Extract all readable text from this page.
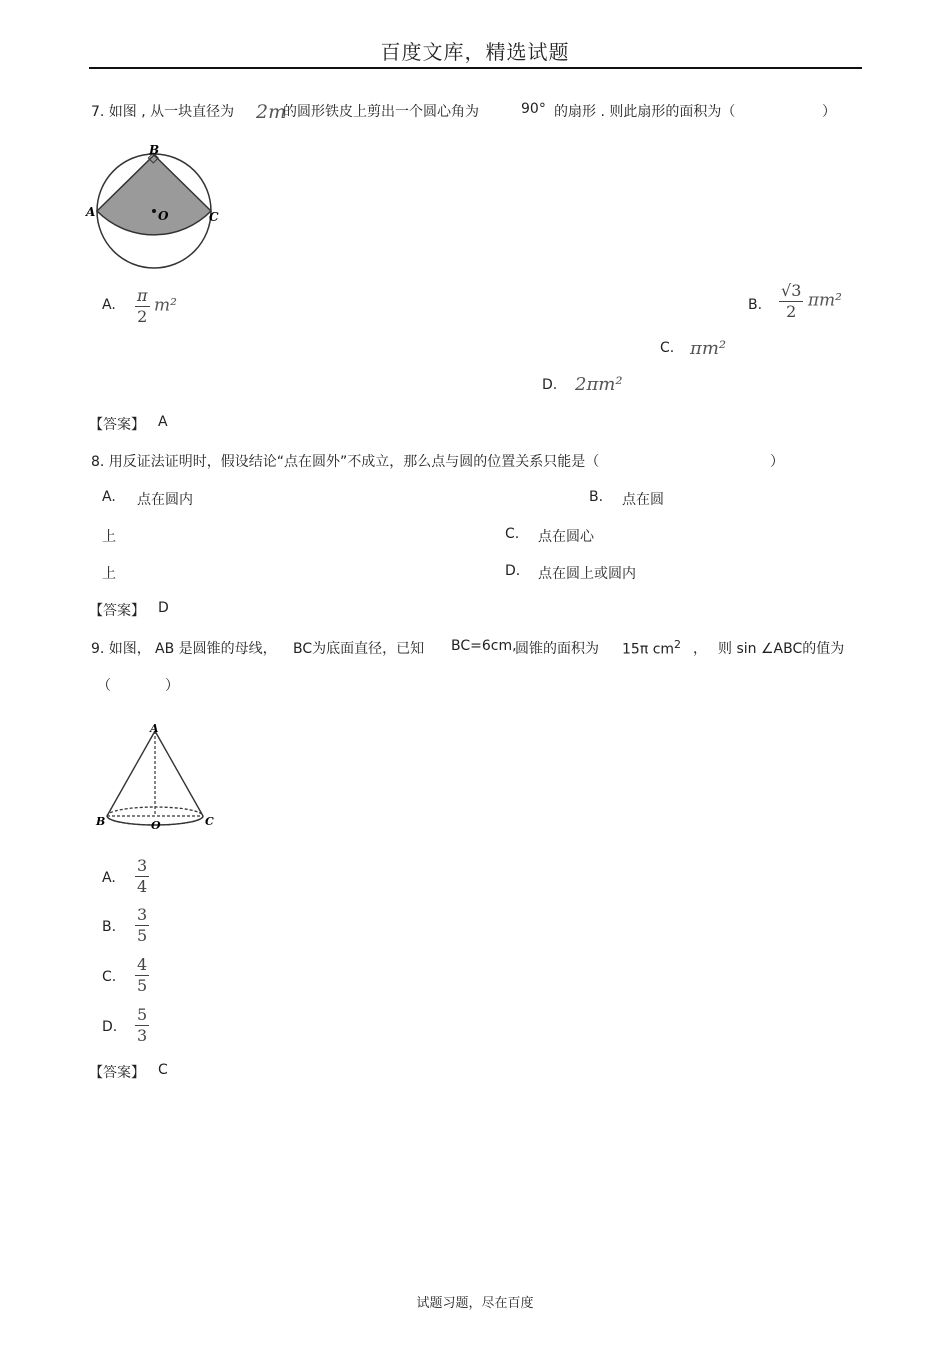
百度文库，精选试题
7. 如图 , 从一块直径为 2m
的圆形铁皮上剪出一个圆心角为	90° 的扇形 . 则此扇形的面积为（	）
B
A	C
O
A. $\frac{\pi}{2} m^2$	B. $\frac{√3}{2} \pi m^2$
C. πm²
D. 2πm²
【答案】 A
8. 用反证法证明时，假设结论“点在圆外”不成立，那么点与圆的位置关系只能是（	）
A. 点在圆内	B. 点在圆
上	C. 点在圆心
上	D. 点在圆上或圆内
【答案】 D
9. 如图， AB 是圆锥的母线， BC为底面直径，已知 BC=6cm,
圆锥的面积为 15π $cm^2$ ， 则 sin ∠ABC的值为
（	）
A
B	C
O
A. $\frac{3}{4}$
B. $\frac{3}{5}$
C. $\frac{4}{5}$
D. $\frac{5}{3}$
【答案】 C
试题习题，尽在百度
